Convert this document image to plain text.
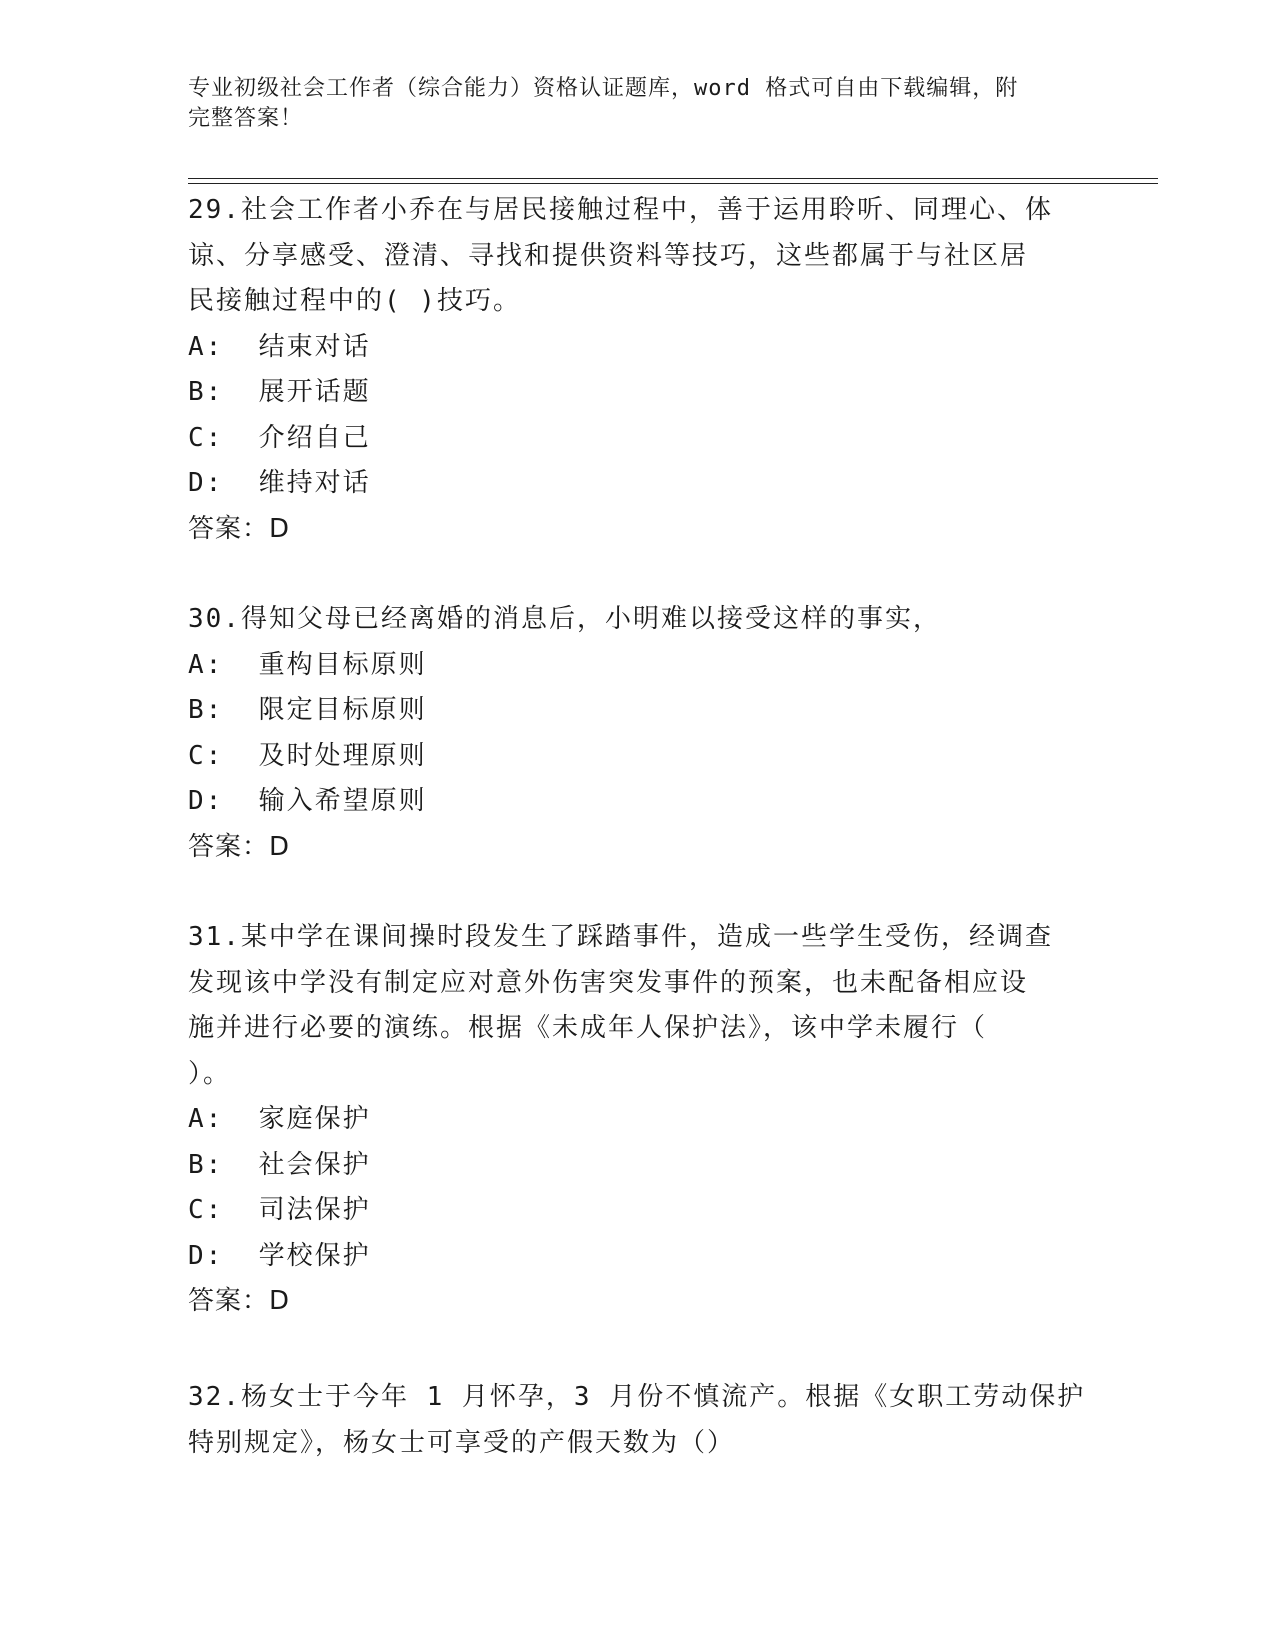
专业初级社会工作者（综合能力）资格认证题库，word 格式可自由下载编辑，附
完整答案！

29.社会工作者小乔在与居民接触过程中，善于运用聆听、同理心、体

谅、分享感受、澄清、寻找和提供资料等技巧，这些都属于与社区居

民接触过程中的( )技巧。

A:  结束对话

B:  展开话题

C:  介绍自己

D:  维持对话

答案：D

30.得知父母已经离婚的消息后，小明难以接受这样的事实，

A:  重构目标原则

B:  限定目标原则

C:  及时处理原则

D:  输入希望原则

答案：D

31.某中学在课间操时段发生了踩踏事件，造成一些学生受伤，经调查

发现该中学没有制定应对意外伤害突发事件的预案，也未配备相应设

施并进行必要的演练。根据《未成年人保护法》，该中学未履行（

）。

A:  家庭保护

B:  社会保护

C:  司法保护

D:  学校保护

答案：D

32.杨女士于今年 1 月怀孕，3 月份不慎流产。根据《女职工劳动保护

特别规定》，杨女士可享受的产假天数为（）
